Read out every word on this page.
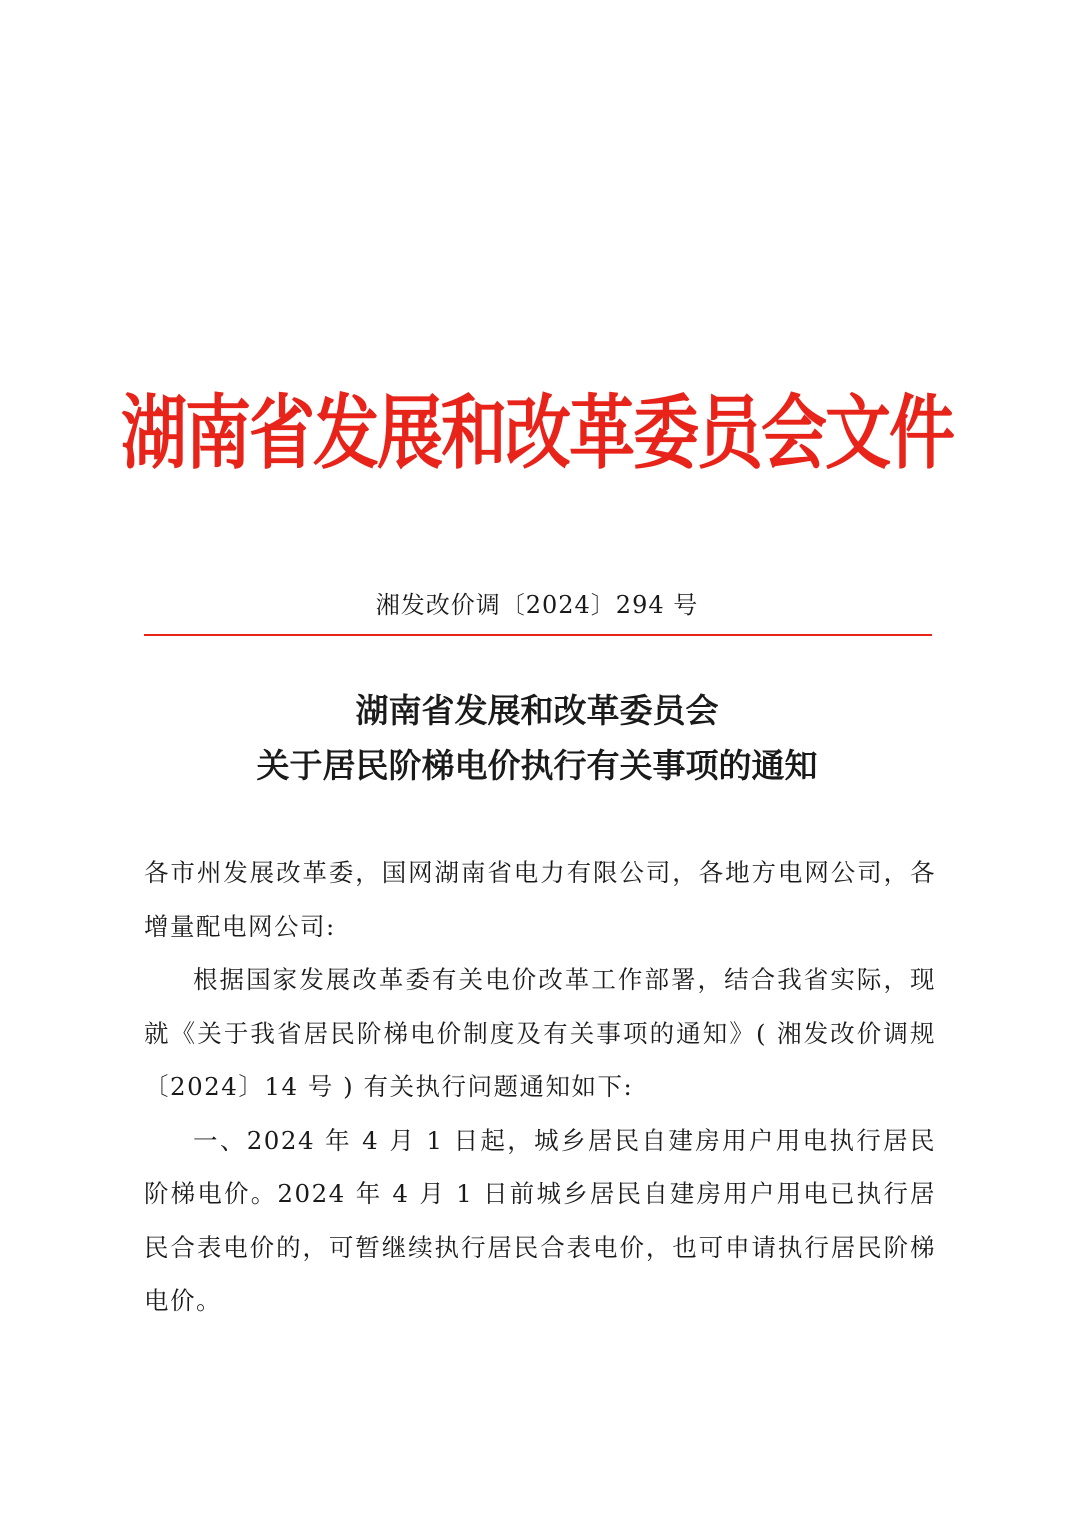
湖南省发展和改革委员会文件
湘发改价调〔2024〕294 号
湖南省发展和改革委员会
关于居民阶梯电价执行有关事项的通知

各市州发展改革委，国网湖南省电力有限公司，各地方电网公司，各增量配电网公司:

根据国家发展改革委有关电价改革工作部署，结合我省实际，现就《关于我省居民阶梯电价制度及有关事项的通知》( 湘发改价调规〔2024〕14 号 ) 有关执行问题通知如下:

一、2024 年 4 月 1 日起，城乡居民自建房用户用电执行居民阶梯电价。2024 年 4 月 1 日前城乡居民自建房用户用电已执行居民合表电价的，可暂继续执行居民合表电价，也可申请执行居民阶梯电价。
